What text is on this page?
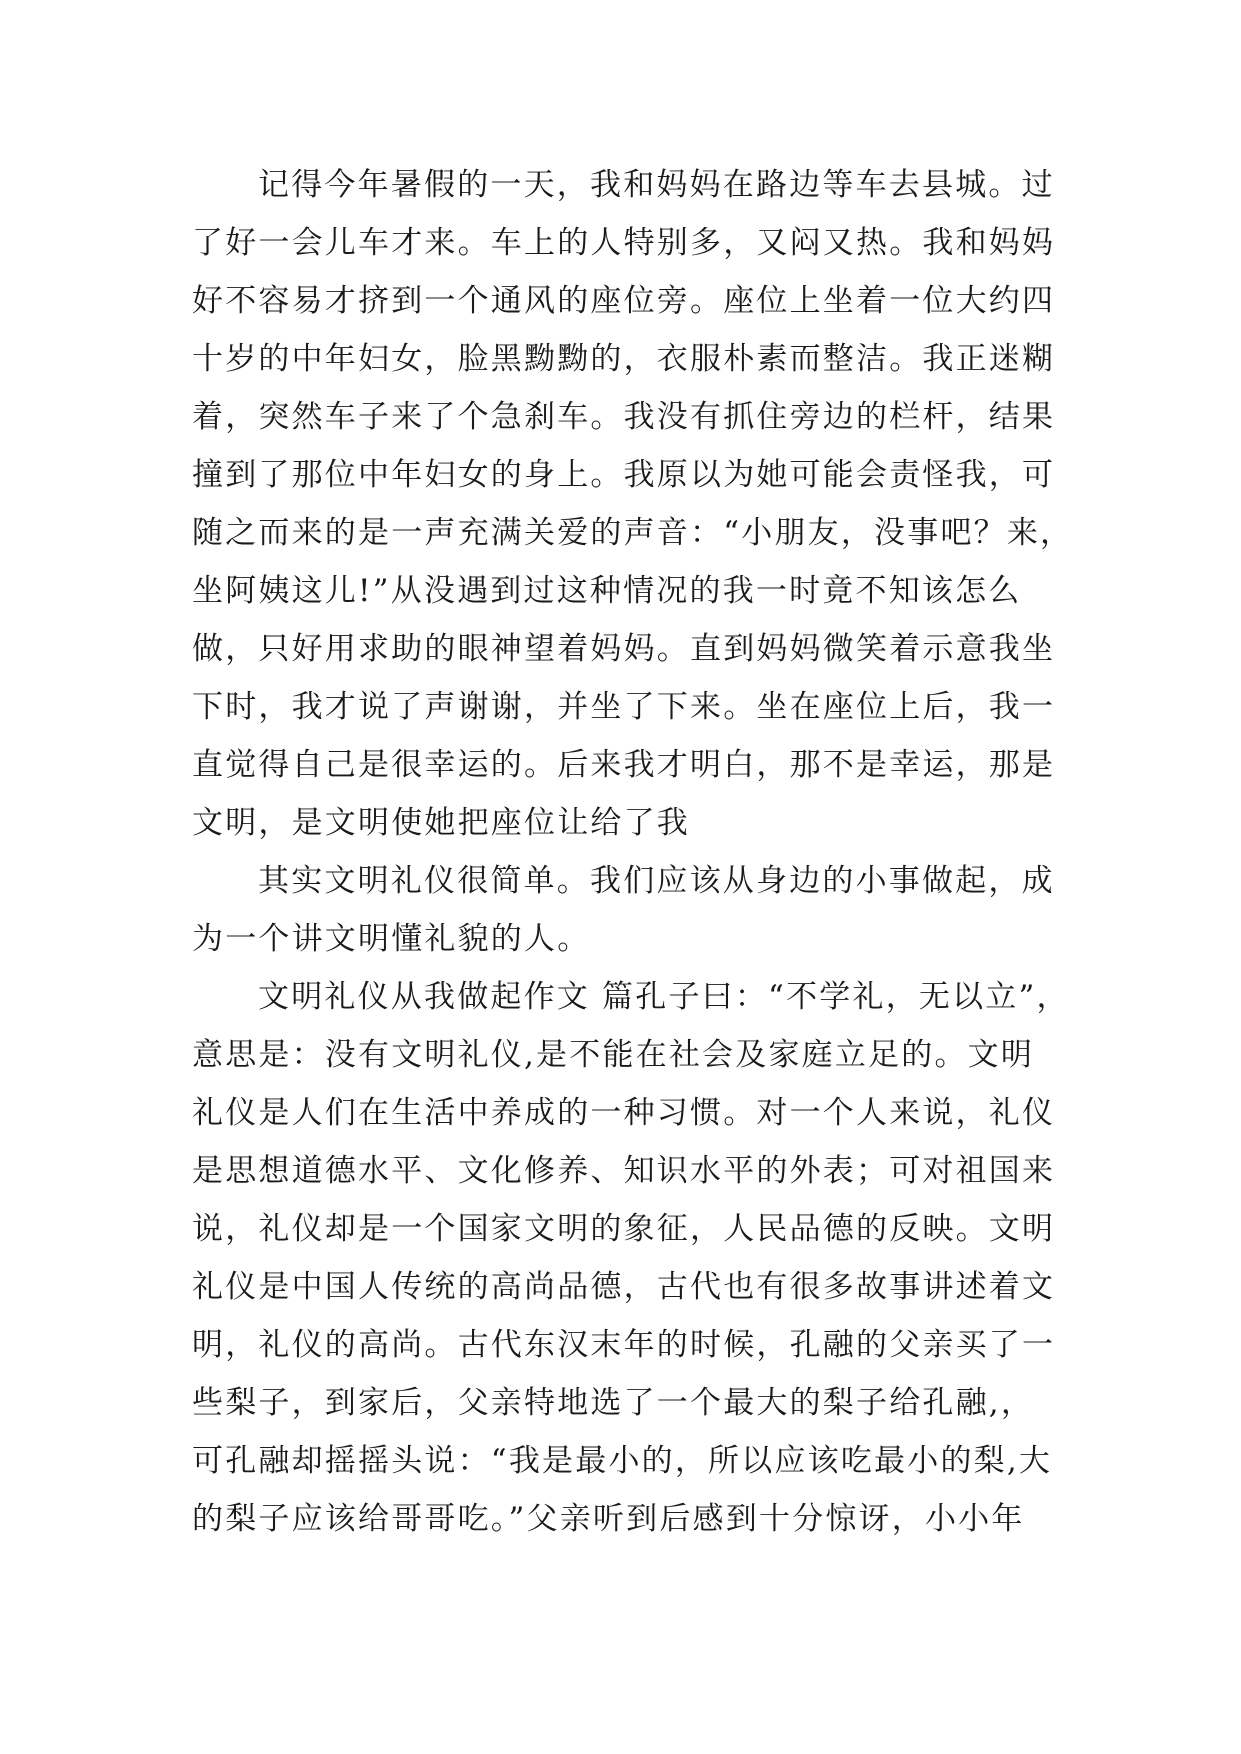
记得今年暑假的一天，我和妈妈在路边等车去县城。过
了好一会儿车才来。车上的人特别多，又闷又热。我和妈妈
好不容易才挤到一个通风的座位旁。座位上坐着一位大约四
十岁的中年妇女，脸黑黝黝的，衣服朴素而整洁。我正迷糊
着，突然车子来了个急刹车。我没有抓住旁边的栏杆，结果
撞到了那位中年妇女的身上。我原以为她可能会责怪我，可
随之而来的是一声充满关爱的声音：“小朋友，没事吧？来，
坐阿姨这儿!”从没遇到过这种情况的我一时竟不知该怎么
做，只好用求助的眼神望着妈妈。直到妈妈微笑着示意我坐
下时，我才说了声谢谢，并坐了下来。坐在座位上后，我一
直觉得自己是很幸运的。后来我才明白，那不是幸运，那是
文明，是文明使她把座位让给了我
其实文明礼仪很简单。我们应该从身边的小事做起，成
为一个讲文明懂礼貌的人。
文明礼仪从我做起作文 篇孔子曰：“不学礼，无以立”，
意思是：没有文明礼仪,是不能在社会及家庭立足的。文明
礼仪是人们在生活中养成的一种习惯。对一个人来说，礼仪
是思想道德水平、文化修养、知识水平的外表；可对祖国来
说，礼仪却是一个国家文明的象征，人民品德的反映。文明
礼仪是中国人传统的高尚品德，古代也有很多故事讲述着文
明，礼仪的高尚。古代东汉末年的时候，孔融的父亲买了一
些梨子，到家后，父亲特地选了一个最大的梨子给孔融,，
可孔融却摇摇头说：“我是最小的，所以应该吃最小的梨,大
的梨子应该给哥哥吃。”父亲听到后感到十分惊讶，小小年
